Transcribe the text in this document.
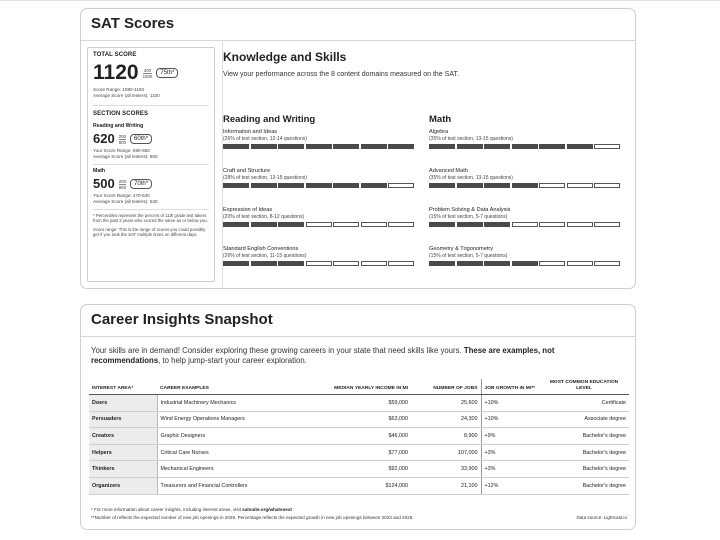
SAT Scores
TOTAL SCORE
1120 400
1600	75th*
Score Range: 1080-1160
Average Score (all testers): 1100
SECTION SCORES
Reading and Writing
620 200
800	60th*
Your Score Range: 590-650
Average Score (all testers): 600
Math
500 200
800	70th*
Your Score Range: 470-530
Average Score (all testers): 530
* Percentiles represent the percent of 11th grade test takers from the past 3 years who scored the same as or below you.
Score range: This is the range of scores you could possibly get if you took the SAT multiple times on different days.
Knowledge and Skills
View your performance across the 8 content domains measured on the SAT.
Reading and Writing	Math
Information and Ideas
(26% of test section, 12-14 questions)
Craft and Structure
(28% of test section, 13-15 questions)
Expression of Ideas
(20% of test section, 8-12 questions)
Standard English Conventions
(26% of test section, 11-15 questions)
Algebra
(35% of test section, 13-15 questions)
Advanced Math
(35% of test section, 13-15 questions)
Problem Solving & Data Analysis
(15% of test section, 5-7 questions)
Geometry & Trigonometry
(15% of test section, 5-7 questions)
Career Insights Snapshot
Your skills are in demand! Consider exploring these growing careers in your state that need skills like yours. These are examples, not recommendations, to help jump-start your career exploration.
INTEREST AREA*	CAREER EXAMPLES	MEDIAN YEARLY INCOME IN MI	NUMBER OF JOBS	JOB GROWTH IN MI**	MOST COMMON EDUCATION LEVEL
Doers	Industrial Machinery Mechanics	$59,000	25,600	+10%	Certificate
Persuaders	Wind Energy Operations Managers	$63,000	24,300	+10%	Associate degree
Creators	Graphic Designers	$46,000	8,900	+9%	Bachelor's degree
Helpers	Critical Care Nurses	$77,000	107,000	+3%	Bachelor's degree
Thinkers	Mechanical Engineers	$92,000	33,900	+3%	Bachelor's degree
Organizers	Treasurers and Financial Controllers	$124,000	21,100	+12%	Bachelor's degree
* For more information about career insights, including interest areas, visit satsuite.org/whatsnext
**Number of reflects the expected number of new job openings in 2028. Percentage reflects the expected growth in new job openings between 2023 and 2028.	Data source: Lightcast.io
